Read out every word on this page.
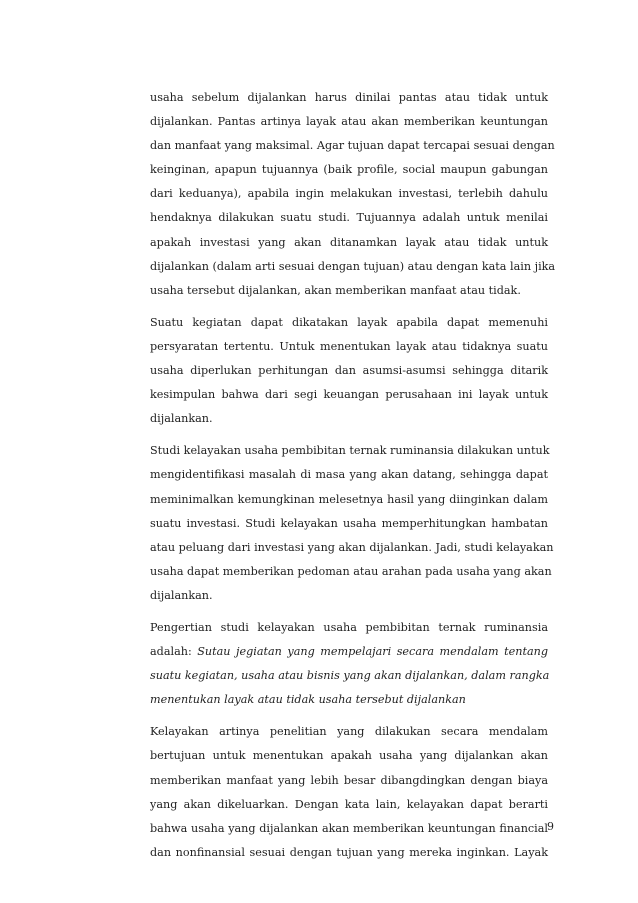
usaha sebelum dijalankan harus dinilai pantas atau tidak untuk
dijalankan. Pantas artinya layak atau akan memberikan keuntungan
dan manfaat yang maksimal. Agar tujuan dapat tercapai sesuai dengan
keinginan, apapun tujuannya (baik profile, social maupun gabungan
dari keduanya), apabila ingin melakukan investasi, terlebih dahulu
hendaknya dilakukan suatu studi. Tujuannya adalah untuk menilai
apakah investasi yang akan ditanamkan layak atau tidak untuk
dijalankan (dalam arti sesuai dengan tujuan) atau dengan kata lain jika
usaha tersebut dijalankan, akan memberikan manfaat atau tidak.

Suatu kegiatan dapat dikatakan layak apabila dapat memenuhi
persyaratan tertentu. Untuk menentukan layak atau tidaknya suatu
usaha diperlukan perhitungan dan asumsi-asumsi sehingga ditarik
kesimpulan bahwa dari segi keuangan perusahaan ini layak untuk
dijalankan.

Studi kelayakan usaha pembibitan ternak ruminansia dilakukan untuk
mengidentifikasi masalah di masa yang akan datang, sehingga dapat
meminimalkan kemungkinan melesetnya hasil yang diinginkan dalam
suatu investasi. Studi kelayakan usaha memperhitungkan hambatan
atau peluang dari investasi yang akan dijalankan. Jadi, studi kelayakan
usaha dapat memberikan pedoman atau arahan pada usaha yang akan
dijalankan.

Pengertian studi kelayakan usaha pembibitan ternak ruminansia
adalah: Sutau jegiatan yang mempelajari secara mendalam tentang
suatu kegiatan, usaha atau bisnis yang akan dijalankan, dalam rangka
menentukan layak atau tidak usaha tersebut dijalankan

Kelayakan artinya penelitian yang dilakukan secara mendalam
bertujuan untuk menentukan apakah usaha yang dijalankan akan
memberikan manfaat yang lebih besar dibangdingkan dengan biaya
yang akan dikeluarkan. Dengan kata lain, kelayakan dapat berarti
bahwa usaha yang dijalankan akan memberikan keuntungan financial
dan nonfinansial sesuai dengan tujuan yang mereka inginkan. Layak

9
